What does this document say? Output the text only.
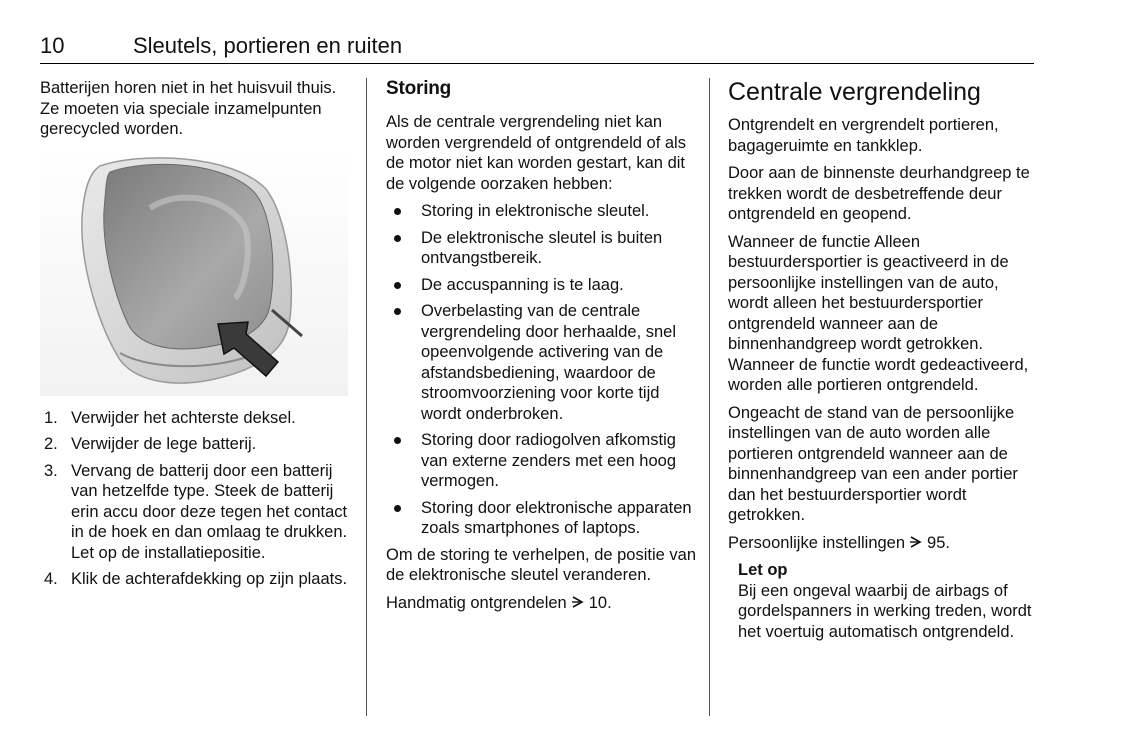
10	Sleutels, portieren en ruiten

Batterijen horen niet in het huisvuil thuis. Ze moeten via speciale inzamelpunten gerecycled worden.

1. Verwijder het achterste deksel.
2. Verwijder de lege batterij.
3. Vervang de batterij door een batterij van hetzelfde type. Steek de batterij erin accu door deze tegen het contact in de hoek en dan omlaag te drukken. Let op de installatiepositie.
4. Klik de achterafdekking op zijn plaats.
Storing

Als de centrale vergrendeling niet kan worden vergrendeld of ontgrendeld of als de motor niet kan worden gestart, kan dit de volgende oorzaken hebben:

Storing in elektronische sleutel.
De elektronische sleutel is buiten ontvangstbereik.
De accuspanning is te laag.
Overbelasting van de centrale vergrendeling door herhaalde, snel opeenvolgende activering van de afstandsbediening, waardoor de stroomvoorziening voor korte tijd wordt onderbroken.
Storing door radiogolven afkomstig van externe zenders met een hoog vermogen.
Storing door elektronische apparaten zoals smartphones of laptops.

Om de storing te verhelpen, de positie van de elektronische sleutel veranderen.

Handmatig ontgrendelen 10.

Centrale vergrendeling

Ontgrendelt en vergrendelt portieren, bagageruimte en tankklep.

Door aan de binnenste deurhandgreep te trekken wordt de desbetreffende deur ontgrendeld en geopend.

Wanneer de functie Alleen bestuurdersportier is geactiveerd in de persoonlijke instellingen van de auto, wordt alleen het bestuurdersportier ontgrendeld wanneer aan de binnenhandgreep wordt getrokken. Wanneer de functie wordt gedeactiveerd, worden alle portieren ontgrendeld.

Ongeacht de stand van de persoonlijke instellingen van de auto worden alle portieren ontgrendeld wanneer aan de binnenhandgreep van een ander portier dan het bestuurdersportier wordt getrokken.

Persoonlijke instellingen 95.

Let op
Bij een ongeval waarbij de airbags of gordelspanners in werking treden, wordt het voertuig automatisch ontgrendeld.
